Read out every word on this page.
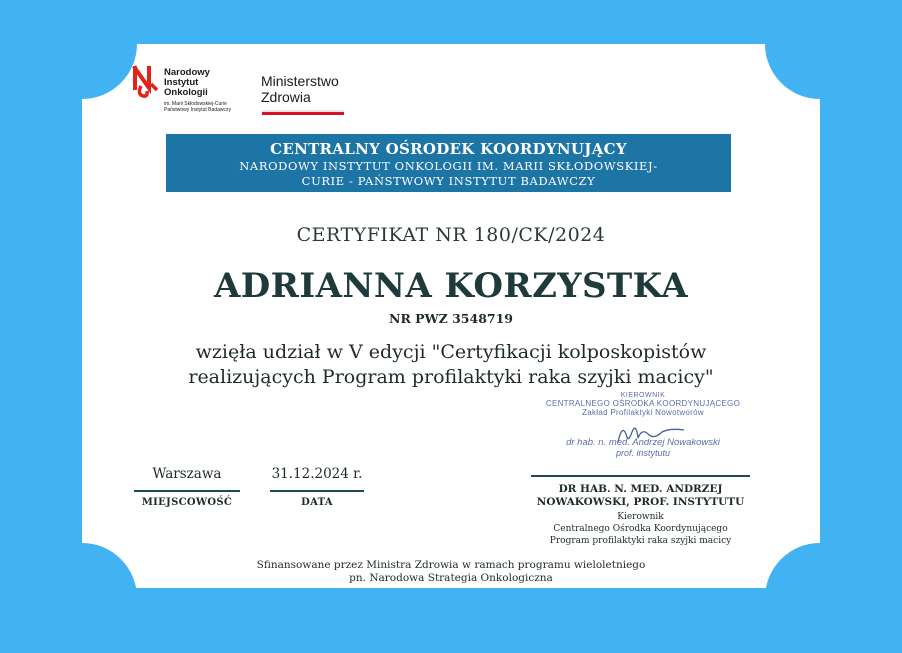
Narodowy
Instytut
Onkologii
im. Marii Skłodowskiej-Curie
Państwowy Instytut Badawczy
Ministerstwo
Zdrowia
CENTRALNY OŚRODEK KOORDYNUJĄCY
NARODOWY INSTYTUT ONKOLOGII IM. MARII SKŁODOWSKIEJ-
CURIE - PAŃSTWOWY INSTYTUT BADAWCZY
CERTYFIKAT NR 180/CK/2024
ADRIANNA KORZYSTKA
NR PWZ 3548719
wzięła udział w V edycji "Certyfikacji kolposkopistów
realizujących Program profilaktyki raka szyjki macicy"
KIEROWNIK
CENTRALNEGO OŚRODKA KOORDYNUJĄCEGO
Zakład Profilaktyki Nowotworów
dr hab. n. med. Andrzej Nowakowski
prof. instytutu
Warszawa
MIEJSCOWOŚĆ
31.12.2024 r.
DATA
DR HAB. N. MED. ANDRZEJ
NOWAKOWSKI, PROF. INSTYTUTU
Kierownik
Centralnego Ośrodka Koordynującego
Program profilaktyki raka szyjki macicy
Sfinansowane przez Ministra Zdrowia w ramach programu wieloletniego
pn. Narodowa Strategia Onkologiczna
